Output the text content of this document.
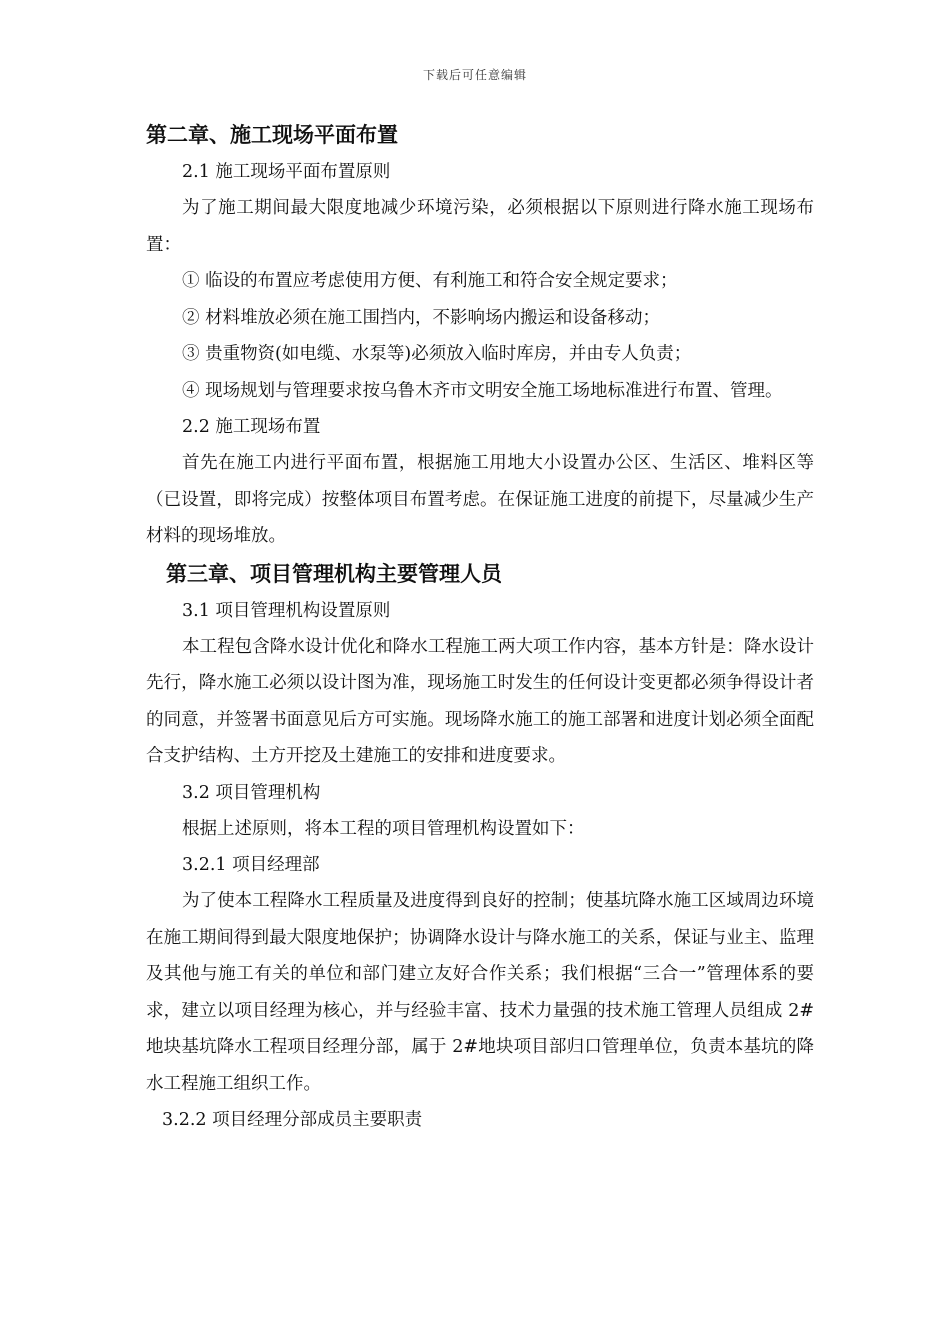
下载后可任意编辑
第二章、施工现场平面布置
2.1 施工现场平面布置原则
为了施工期间最大限度地减少环境污染，必须根据以下原则进行降水施工现场布置：
① 临设的布置应考虑使用方便、有利施工和符合安全规定要求；
② 材料堆放必须在施工围挡内，不影响场内搬运和设备移动；
③ 贵重物资(如电缆、水泵等)必须放入临时库房，并由专人负责；
④ 现场规划与管理要求按乌鲁木齐市文明安全施工场地标准进行布置、管理。
2.2 施工现场布置
首先在施工内进行平面布置，根据施工用地大小设置办公区、生活区、堆料区等（已设置，即将完成）按整体项目布置考虑。在保证施工进度的前提下，尽量减少生产材料的现场堆放。
第三章、项目管理机构主要管理人员
3.1 项目管理机构设置原则
本工程包含降水设计优化和降水工程施工两大项工作内容，基本方针是：降水设计先行，降水施工必须以设计图为准，现场施工时发生的任何设计变更都必须争得设计者的同意，并签署书面意见后方可实施。现场降水施工的施工部署和进度计划必须全面配合支护结构、土方开挖及土建施工的安排和进度要求。
3.2 项目管理机构
根据上述原则，将本工程的项目管理机构设置如下：
3.2.1 项目经理部
为了使本工程降水工程质量及进度得到良好的控制；使基坑降水施工区域周边环境在施工期间得到最大限度地保护；协调降水设计与降水施工的关系，保证与业主、监理及其他与施工有关的单位和部门建立友好合作关系；我们根据“三合一”管理体系的要求，建立以项目经理为核心，并与经验丰富、技术力量强的技术施工管理人员组成 2#地块基坑降水工程项目经理分部，属于 2#地块项目部归口管理单位，负责本基坑的降水工程施工组织工作。
3.2.2 项目经理分部成员主要职责
